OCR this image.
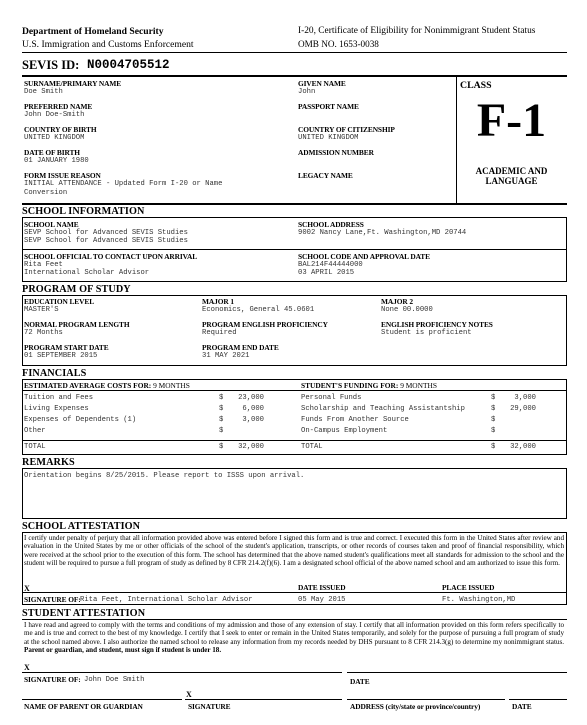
Department of Homeland Security
U.S. Immigration and Customs Enforcement
I-20, Certificate of Eligibility for Nonimmigrant Student Status
OMB NO. 1653-0038
SEVIS ID: N0004705512
SURNAME/PRIMARY NAME
Doe Smith
GIVEN NAME
John
PREFERRED NAME
John Doe-Smith
PASSPORT NAME
COUNTRY OF BIRTH
UNITED KINGDOM
COUNTRY OF CITIZENSHIP
UNITED KINGDOM
DATE OF BIRTH
01 JANUARY 1980
ADMISSION NUMBER
FORM ISSUE REASON
INITIAL ATTENDANCE - Updated Form I-20 or Name
Conversion
LEGACY NAME
CLASS
F-1
ACADEMIC AND
LANGUAGE
SCHOOL INFORMATION
SCHOOL NAME
SEVP School for Advanced SEVIS Studies
SEVP School for Advanced SEVIS Studies
SCHOOL ADDRESS
9002 Nancy Lane,Ft. Washington,MD 20744
SCHOOL OFFICIAL TO CONTACT UPON ARRIVAL
Rita Feet
International Scholar Advisor
SCHOOL CODE AND APPROVAL DATE
BAL214F44444000
03 APRIL 2015
PROGRAM OF STUDY
EDUCATION LEVEL
MASTER'S
MAJOR 1
Economics, General 45.0601
MAJOR 2
None 00.0000
NORMAL PROGRAM LENGTH
72 Months
PROGRAM ENGLISH PROFICIENCY
Required
ENGLISH PROFICIENCY NOTES
Student is proficient
PROGRAM START DATE
01 SEPTEMBER 2015
PROGRAM END DATE
31 MAY 2021
FINANCIALS
ESTIMATED AVERAGE COSTS FOR: 9 MONTHS	STUDENT'S FUNDING FOR: 9 MONTHS
Tuition and Fees	$	23,000
Living Expenses	$	6,000
Expenses of Dependents (1)	$	3,000
Other	$
Personal Funds	$	3,000
Scholarship and Teaching Assistantship	$	29,000
Funds From Another Source	$
On-Campus Employment	$
TOTAL	$	32,000	TOTAL	$	32,000
REMARKS
Orientation begins 8/25/2015. Please report to ISSS upon arrival.
SCHOOL ATTESTATION
I certify under penalty of perjury that all information provided above was entered before I signed this form and is true and correct. I executed this form in the United States after review and evaluation in the United States by me or other officials of the school of the student's application, transcripts, or other records of courses taken and proof of financial responsibility, which were received at the school prior to the execution of this form. The school has determined that the above named student's qualifications meet all standards for admission to the school and the student will be required to pursue a full program of study as defined by 8 CFR 214.2(f)(6). I am a designated school official of the above named school and am authorized to issue this form.
X
SIGNATURE OF: Rita Feet, International Scholar Advisor
DATE ISSUED
05 May 2015
PLACE ISSUED
Ft. Washington,MD
STUDENT ATTESTATION
I have read and agreed to comply with the terms and conditions of my admission and those of any extension of stay. I certify that all information provided on this form refers specifically to me and is true and correct to the best of my knowledge. I certify that I seek to enter or remain in the United States temporarily, and solely for the purpose of pursuing a full program of study at the school named above. I also authorize the named school to release any information from my records needed by DHS pursuant to 8 CFR 214.3(g) to determine my nonimmigrant status. Parent or guardian, and student, must sign if student is under 18.
X
SIGNATURE OF: John Doe Smith	DATE
X
NAME OF PARENT OR GUARDIAN	SIGNATURE	ADDRESS (city/state or province/country)	DATE
